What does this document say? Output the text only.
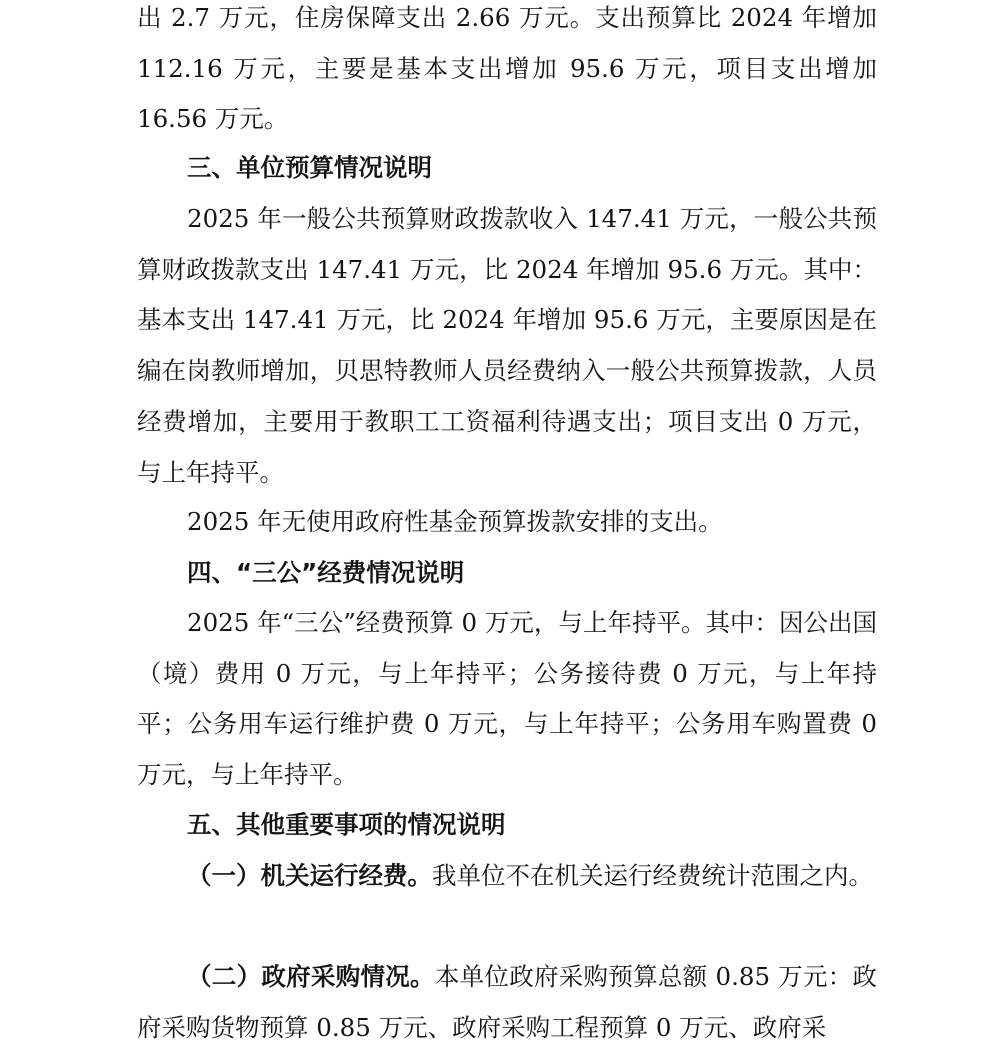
出 2.7 万元，住房保障支出 2.66 万元。支出预算比 2024 年增加 112.16 万元，主要是基本支出增加 95.6 万元，项目支出增加 16.56 万元。

三、单位预算情况说明

2025 年一般公共预算财政拨款收入 147.41 万元，一般公共预算财政拨款支出 147.41 万元，比 2024 年增加 95.6 万元。其中：基本支出 147.41 万元，比 2024 年增加 95.6 万元，主要原因是在编在岗教师增加，贝思特教师人员经费纳入一般公共预算拨款，人员经费增加，主要用于教职工工资福利待遇支出；项目支出 0 万元，与上年持平。

2025 年无使用政府性基金预算拨款安排的支出。

四、“三公”经费情况说明

2025 年“三公”经费预算 0 万元，与上年持平。其中：因公出国（境）费用 0 万元，与上年持平；公务接待费 0 万元，与上年持平；公务用车运行维护费 0 万元，与上年持平；公务用车购置费 0 万元，与上年持平。

五、其他重要事项的情况说明

（一）机关运行经费。我单位不在机关运行经费统计范围之内。

（二）政府采购情况。本单位政府采购预算总额 0.85 万元：政府采购货物预算 0.85 万元、政府采购工程预算 0 万元、政府采
